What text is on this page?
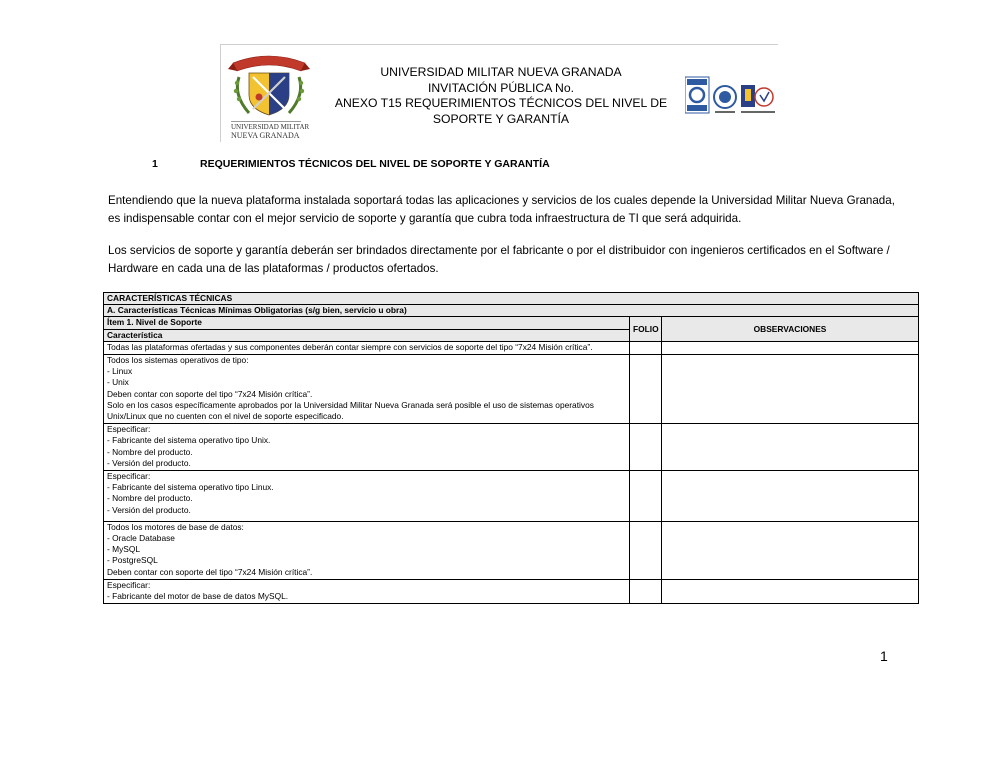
UNIVERSIDAD MILITAR
NUEVA GRANADA
UNIVERSIDAD MILITAR NUEVA GRANADA
INVITACIÓN PÚBLICA No.
ANEXO T15 REQUERIMIENTOS TÉCNICOS DEL NIVEL DE
SOPORTE Y GARANTÍA
1	REQUERIMIENTOS TÉCNICOS DEL NIVEL DE SOPORTE Y GARANTÍA

Entendiendo que la nueva plataforma instalada soportará todas las aplicaciones y servicios de los cuales depende la Universidad Militar Nueva Granada, es indispensable contar con el mejor servicio de soporte y garantía que cubra toda infraestructura de TI que será adquirida.

Los servicios de soporte y garantía deberán ser brindados directamente por el fabricante o por el distribuidor con ingenieros certificados en el Software / Hardware en cada una de las plataformas / productos ofertados.

CARACTERÍSTICAS TÉCNICAS		
A. Características Técnicas Mínimas Obligatorias (s/g bien, servicio u obra)		
Ítem 1. Nivel de Soporte	FOLIO	OBSERVACIONES
Característica		

Todas las plataformas ofertadas y sus componentes deberán contar siempre con servicios de soporte del tipo “7x24 Misión crítica”.		

Todos los sistemas operativos de tipo:
- Linux
- Unix
Deben contar con soporte del tipo “7x24 Misión crítica”.
Solo en los casos específicamente aprobados por la Universidad Militar Nueva Granada será posible el uso de sistemas operativos Unix/Linux que no cuenten con el nivel de soporte especificado.		

Especificar:
- Fabricante del sistema operativo tipo Unix.
- Nombre del producto.
- Versión del producto.		

Especificar:
- Fabricante del sistema operativo tipo Linux.
- Nombre del producto.
- Versión del producto.		

Todos los motores de base de datos:
- Oracle Database
- MySQL
- PostgreSQL
Deben contar con soporte del tipo “7x24 Misión crítica”.		

Especificar:
- Fabricante del motor de base de datos MySQL.		

1
